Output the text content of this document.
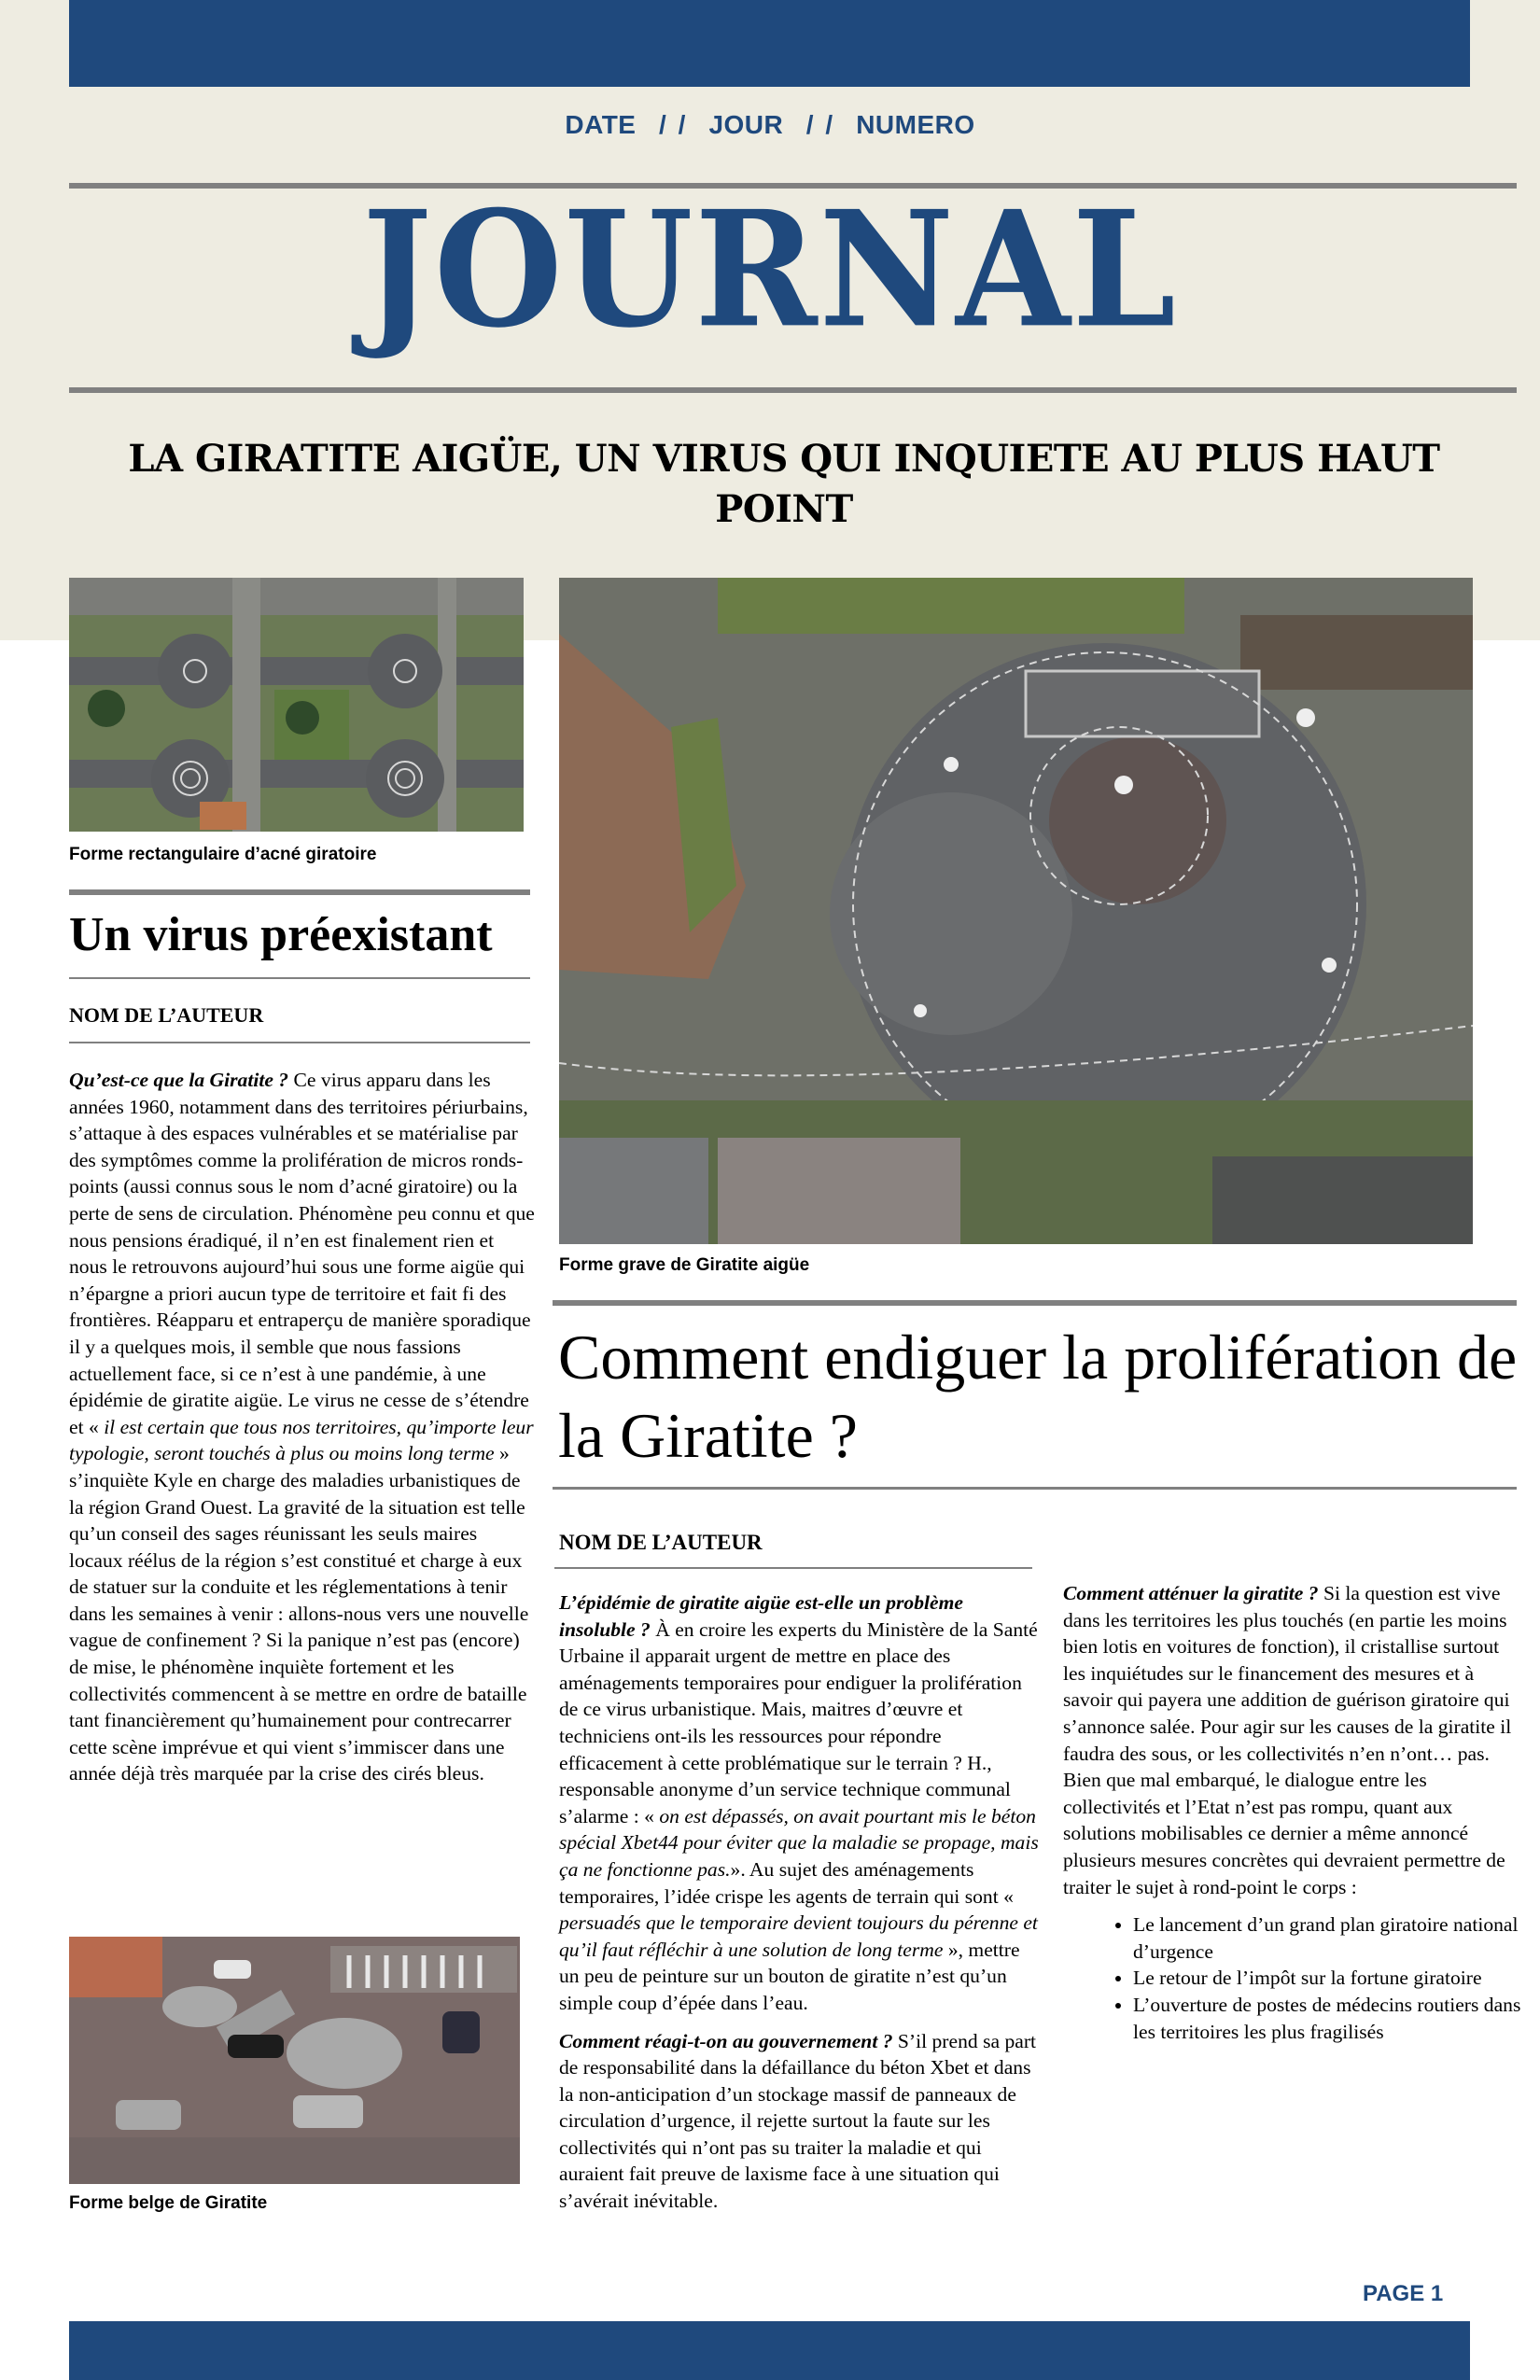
DATE  / /  JOUR  / /  NUMERO
JOURNAL
LA GIRATITE AIGÜE, UN VIRUS QUI INQUIETE AU PLUS HAUT POINT
Forme rectangulaire d’acné giratoire
Forme grave de Giratite aigüe
Un virus préexistant
NOM DE L’AUTEUR

Qu’est-ce que la Giratite ? Ce virus apparu dans les années 1960, notamment dans des territoires périurbains, s’attaque à des espaces vulnérables et se matérialise par des symptômes comme la prolifération de micros ronds-points (aussi connus sous le nom d’acné giratoire) ou la perte de sens de circulation. Phénomène peu connu et que nous pensions éradiqué, il n’en est finalement rien et nous le retrouvons aujourd’hui sous une forme aigüe qui n’épargne a priori aucun type de territoire et fait fi des frontières. Réapparu et entraperçu de manière sporadique il y a quelques mois, il semble que nous fassions actuellement face, si ce n’est à une pandémie, à une épidémie de giratite aigüe. Le virus ne cesse de s’étendre et « il est certain que tous nos territoires, qu’importe leur typologie, seront touchés à plus ou moins long terme » s’inquiète Kyle en charge des maladies urbanistiques de la région Grand Ouest. La gravité de la situation est telle qu’un conseil des sages réunissant les seuls maires locaux réélus de la région s’est constitué et charge à eux de statuer sur la conduite et les réglementations à tenir dans les semaines à venir : allons-nous vers une nouvelle vague de confinement ? Si la panique n’est pas (encore) de mise, le phénomène inquiète fortement et les collectivités commencent à se mettre en ordre de bataille tant financièrement qu’humainement pour contrecarrer cette scène imprévue et qui vient s’immiscer dans une année déjà très marquée par la crise des cirés bleus.

Forme belge de Giratite
Comment endiguer la prolifération de la Giratite ?
NOM DE L’AUTEUR

L’épidémie de giratite aigüe est-elle un problème insoluble ? À en croire les experts du Ministère de la Santé Urbaine il apparait urgent de mettre en place des aménagements temporaires pour endiguer la prolifération de ce virus urbanistique. Mais, maitres d’œuvre et techniciens ont-ils les ressources pour répondre efficacement à cette problématique sur le terrain ? H., responsable anonyme d’un service technique communal s’alarme : « on est dépassés, on avait pourtant mis le béton spécial Xbet44 pour éviter que la maladie se propage, mais ça ne fonctionne pas.». Au sujet des aménagements temporaires, l’idée crispe les agents de terrain qui sont « persuadés que le temporaire devient toujours du pérenne et qu’il faut réfléchir à une solution de long terme », mettre un peu de peinture sur un bouton de giratite n’est qu’un simple coup d’épée dans l’eau.

Comment réagi-t-on au gouvernement ? S’il prend sa part de responsabilité dans la défaillance du béton Xbet et dans la non-anticipation d’un stockage massif de panneaux de circulation d’urgence, il rejette surtout la faute sur les collectivités qui n’ont pas su traiter la maladie et qui auraient fait preuve de laxisme face à une situation qui s’avérait inévitable.

Comment atténuer la giratite ? Si la question est vive dans les territoires les plus touchés (en partie les moins bien lotis en voitures de fonction), il cristallise surtout les inquiétudes sur le financement des mesures et à savoir qui payera une addition de guérison giratoire qui s’annonce salée. Pour agir sur les causes de la giratite il faudra des sous, or les collectivités n’en n’ont… pas. Bien que mal embarqué, le dialogue entre les collectivités et l’Etat n’est pas rompu, quant aux solutions mobilisables ce dernier a même annoncé plusieurs mesures concrètes qui devraient permettre de traiter le sujet à rond-point le corps :

• Le lancement d’un grand plan giratoire national d’urgence
• Le retour de l’impôt sur la fortune giratoire
• L’ouverture de postes de médecins routiers dans les territoires les plus fragilisés
PAGE 1
